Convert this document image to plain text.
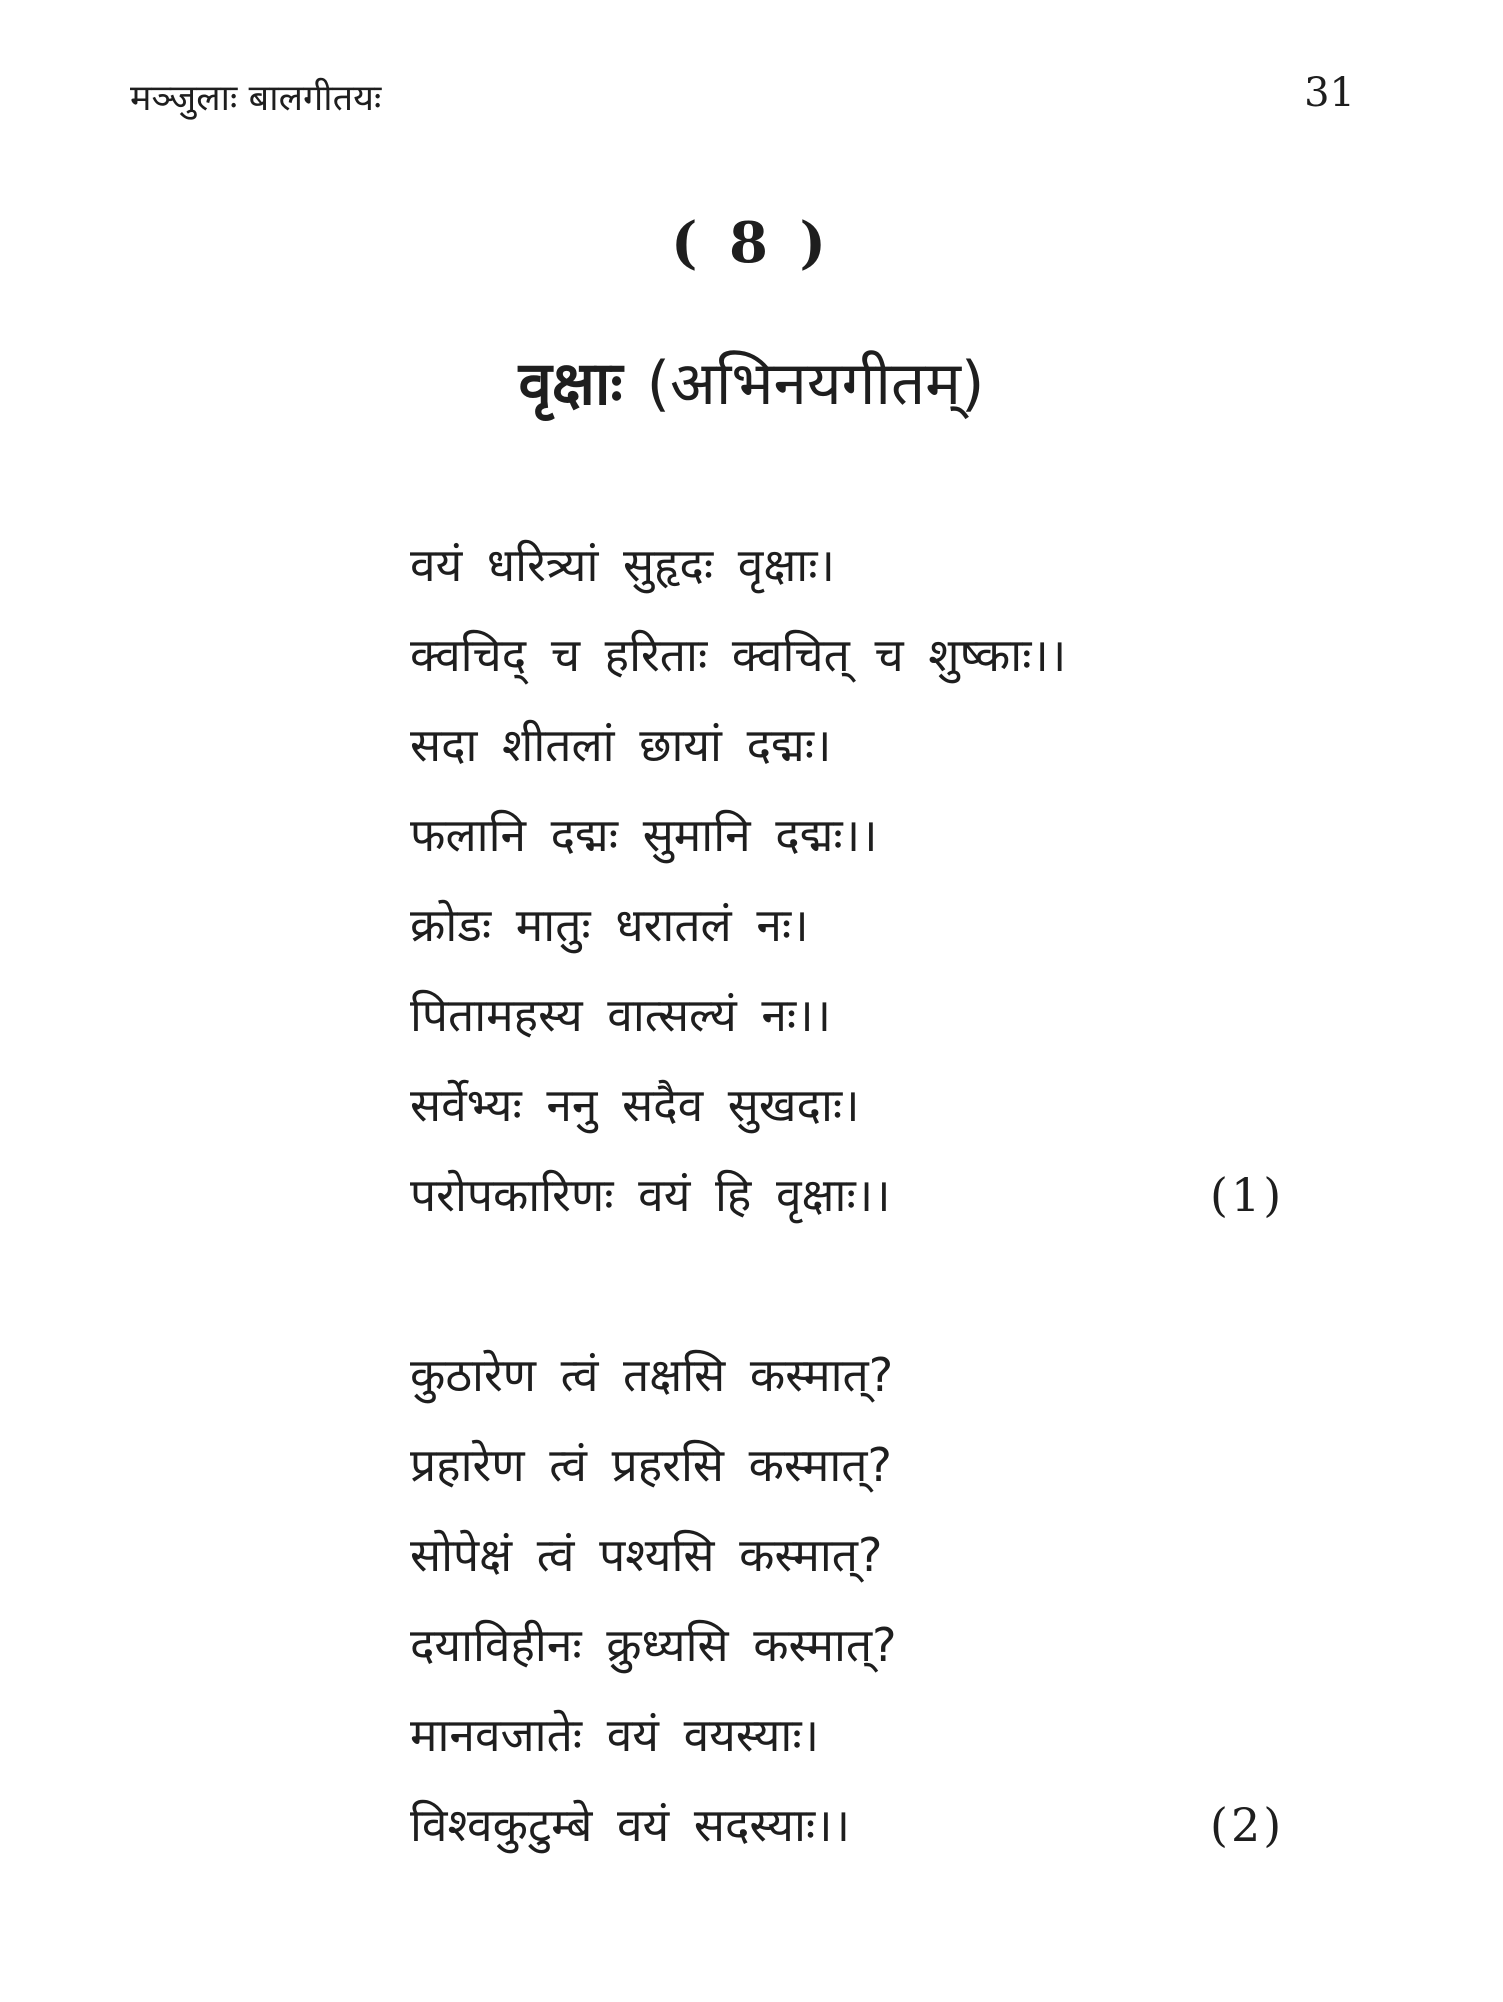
मञ्जुलाः बालगीतयः	31
( 8 )
वृक्षाः (अभिनयगीतम्)
वयं धरित्र्यां सुहृदः वृक्षाः।
क्वचिद् च हरिताः क्वचित् च शुष्काः।।
सदा शीतलां छायां दद्मः।
फलानि दद्मः सुमानि दद्मः।।
क्रोडः मातुः धरातलं नः।
पितामहस्य वात्सल्यं नः।।
सर्वेभ्यः ननु सदैव सुखदाः।
परोपकारिणः वयं हि वृक्षाः।।	(1)
कुठारेण त्वं तक्षसि कस्मात्?
प्रहारेण त्वं प्रहरसि कस्मात्?
सोपेक्षं त्वं पश्यसि कस्मात्?
दयाविहीनः क्रुध्यसि कस्मात्?
मानवजातेः वयं वयस्याः।
विश्वकुटुम्बे वयं सदस्याः।।	(2)
